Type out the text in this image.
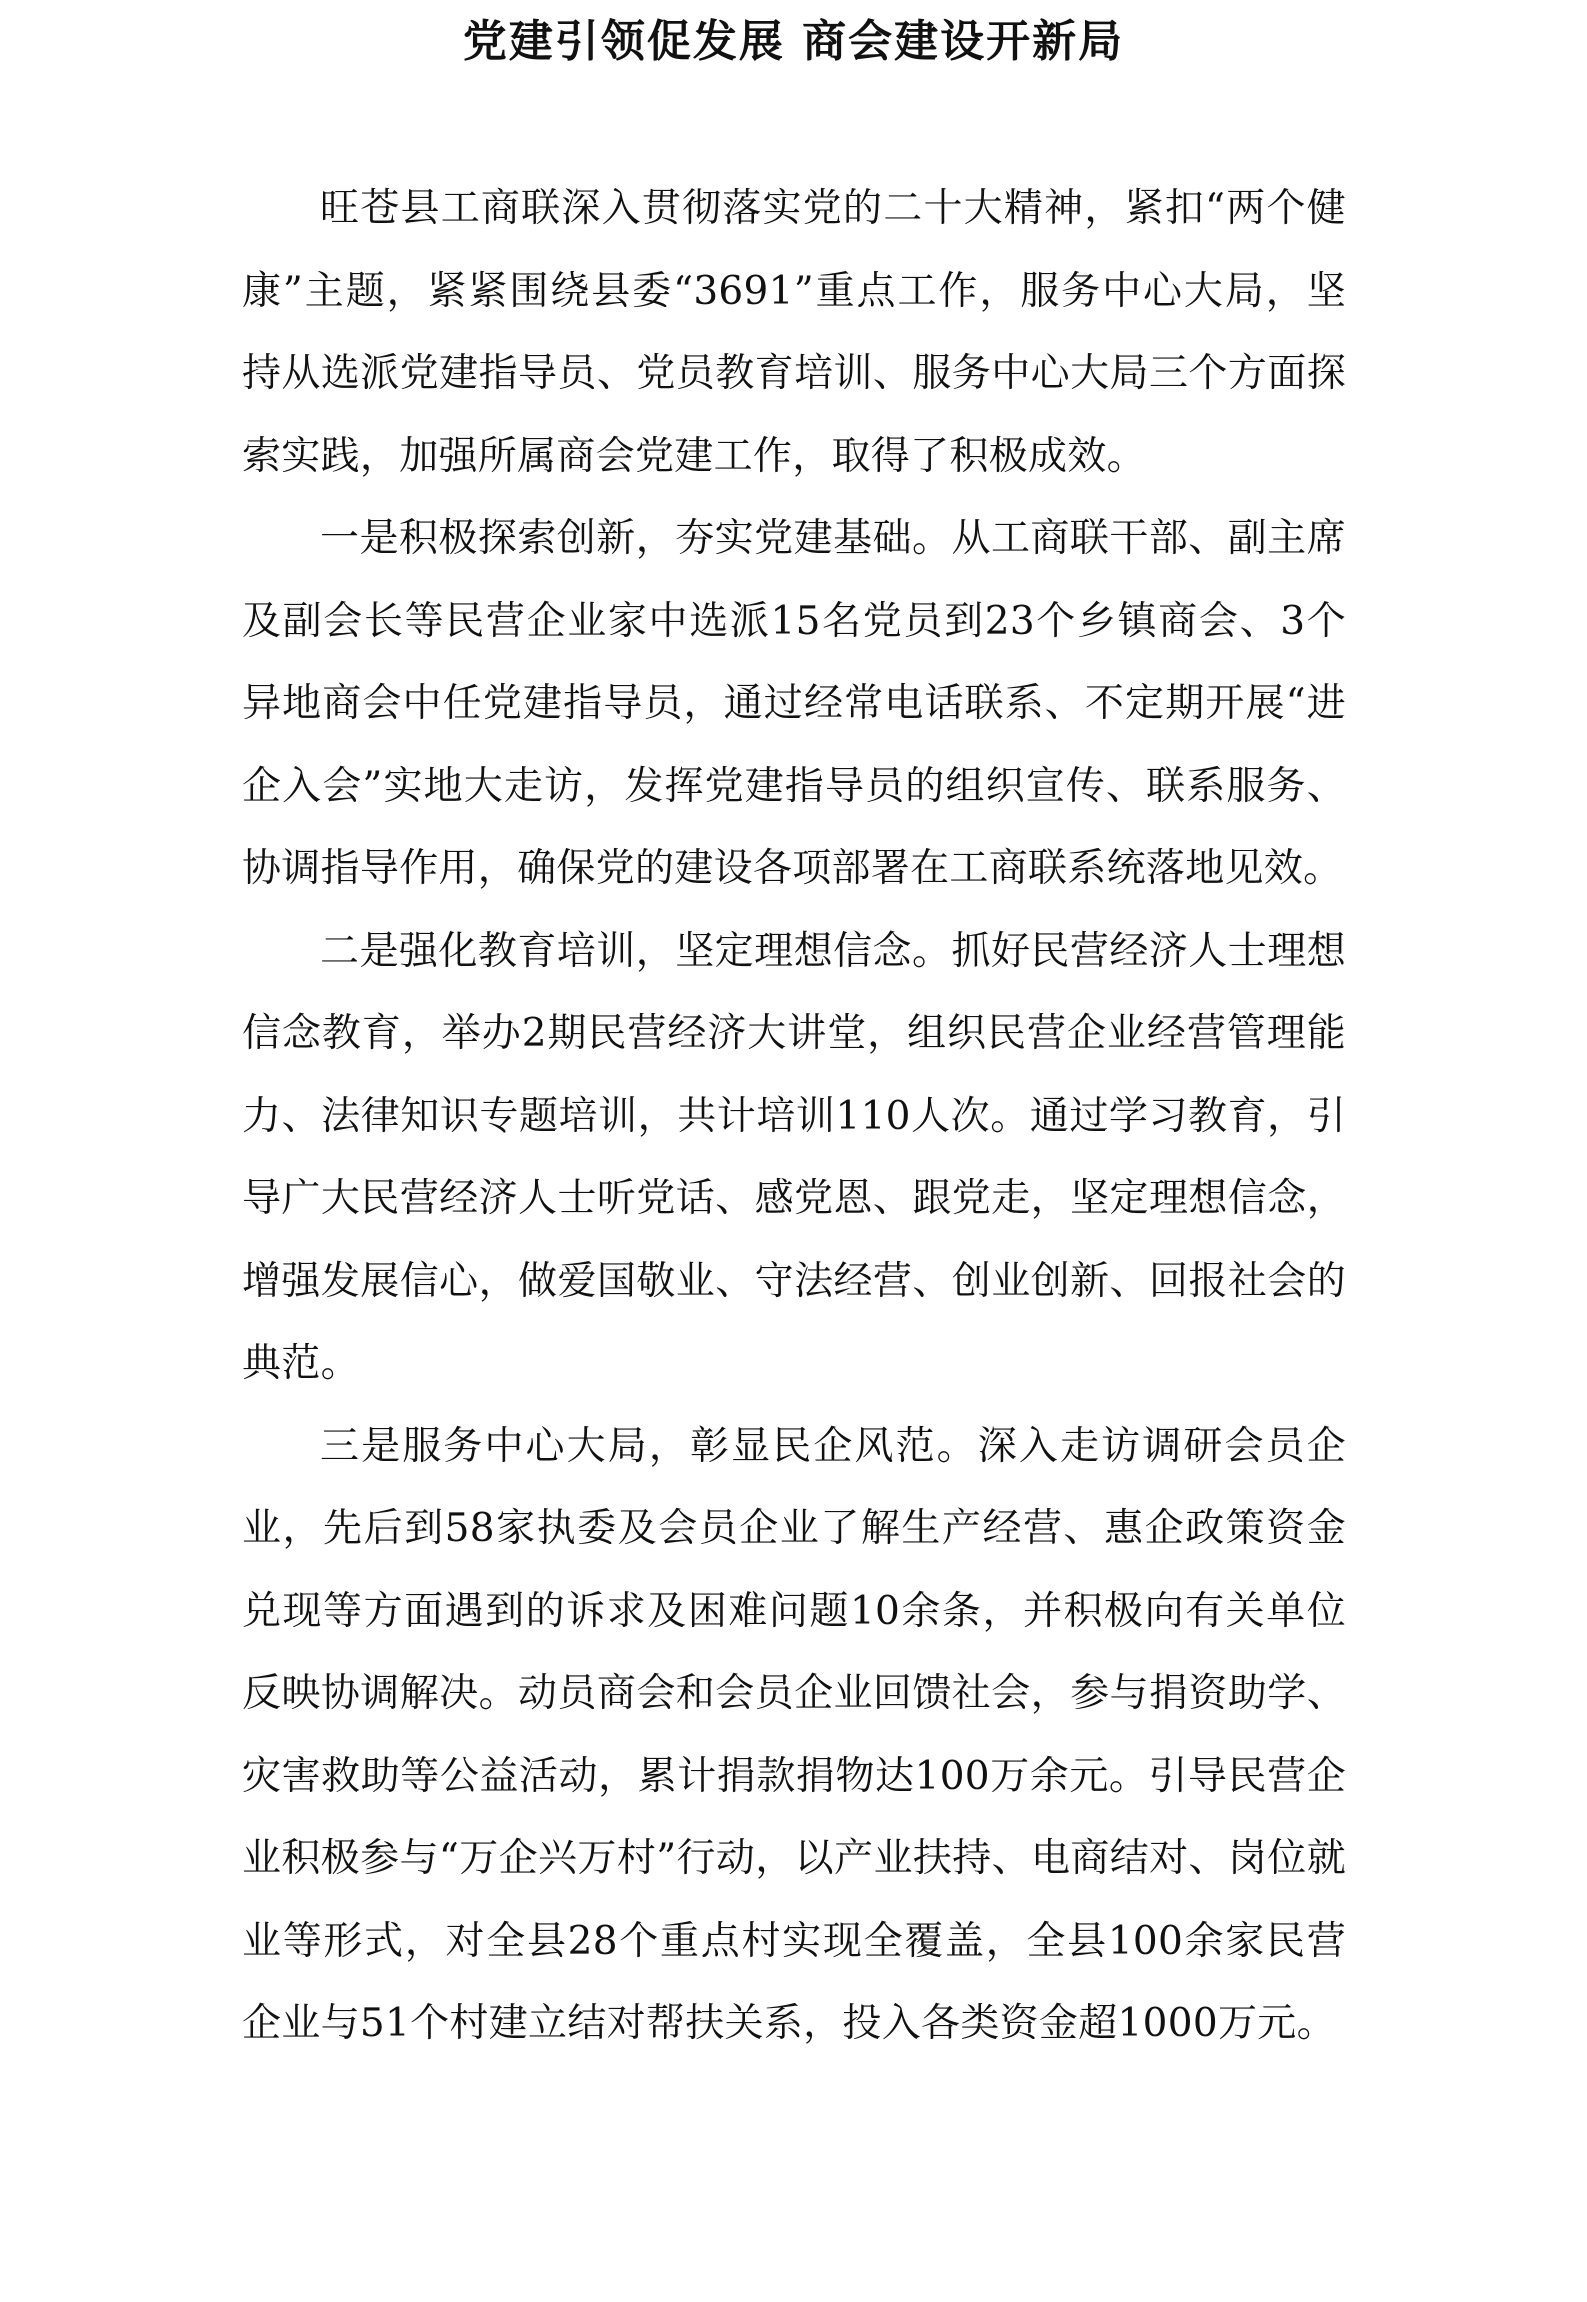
党建引领促发展 商会建设开新局

旺苍县工商联深入贯彻落实党的二十大精神，紧扣“两个健康”主题，紧紧围绕县委“3691”重点工作，服务中心大局，坚持从选派党建指导员、党员教育培训、服务中心大局三个方面探索实践，加强所属商会党建工作，取得了积极成效。

一是积极探索创新，夯实党建基础。从工商联干部、副主席及副会长等民营企业家中选派15名党员到23个乡镇商会、3个异地商会中任党建指导员，通过经常电话联系、不定期开展“进企入会”实地大走访，发挥党建指导员的组织宣传、联系服务、协调指导作用，确保党的建设各项部署在工商联系统落地见效。

二是强化教育培训，坚定理想信念。抓好民营经济人士理想信念教育，举办2期民营经济大讲堂，组织民营企业经营管理能力、法律知识专题培训，共计培训110人次。通过学习教育，引导广大民营经济人士听党话、感党恩、跟党走，坚定理想信念，增强发展信心，做爱国敬业、守法经营、创业创新、回报社会的典范。

三是服务中心大局，彰显民企风范。深入走访调研会员企业，先后到58家执委及会员企业了解生产经营、惠企政策资金兑现等方面遇到的诉求及困难问题10余条，并积极向有关单位反映协调解决。动员商会和会员企业回馈社会，参与捐资助学、灾害救助等公益活动，累计捐款捐物达100万余元。引导民营企业积极参与“万企兴万村”行动，以产业扶持、电商结对、岗位就业等形式，对全县28个重点村实现全覆盖，全县100余家民营企业与51个村建立结对帮扶关系，投入各类资金超1000万元。
